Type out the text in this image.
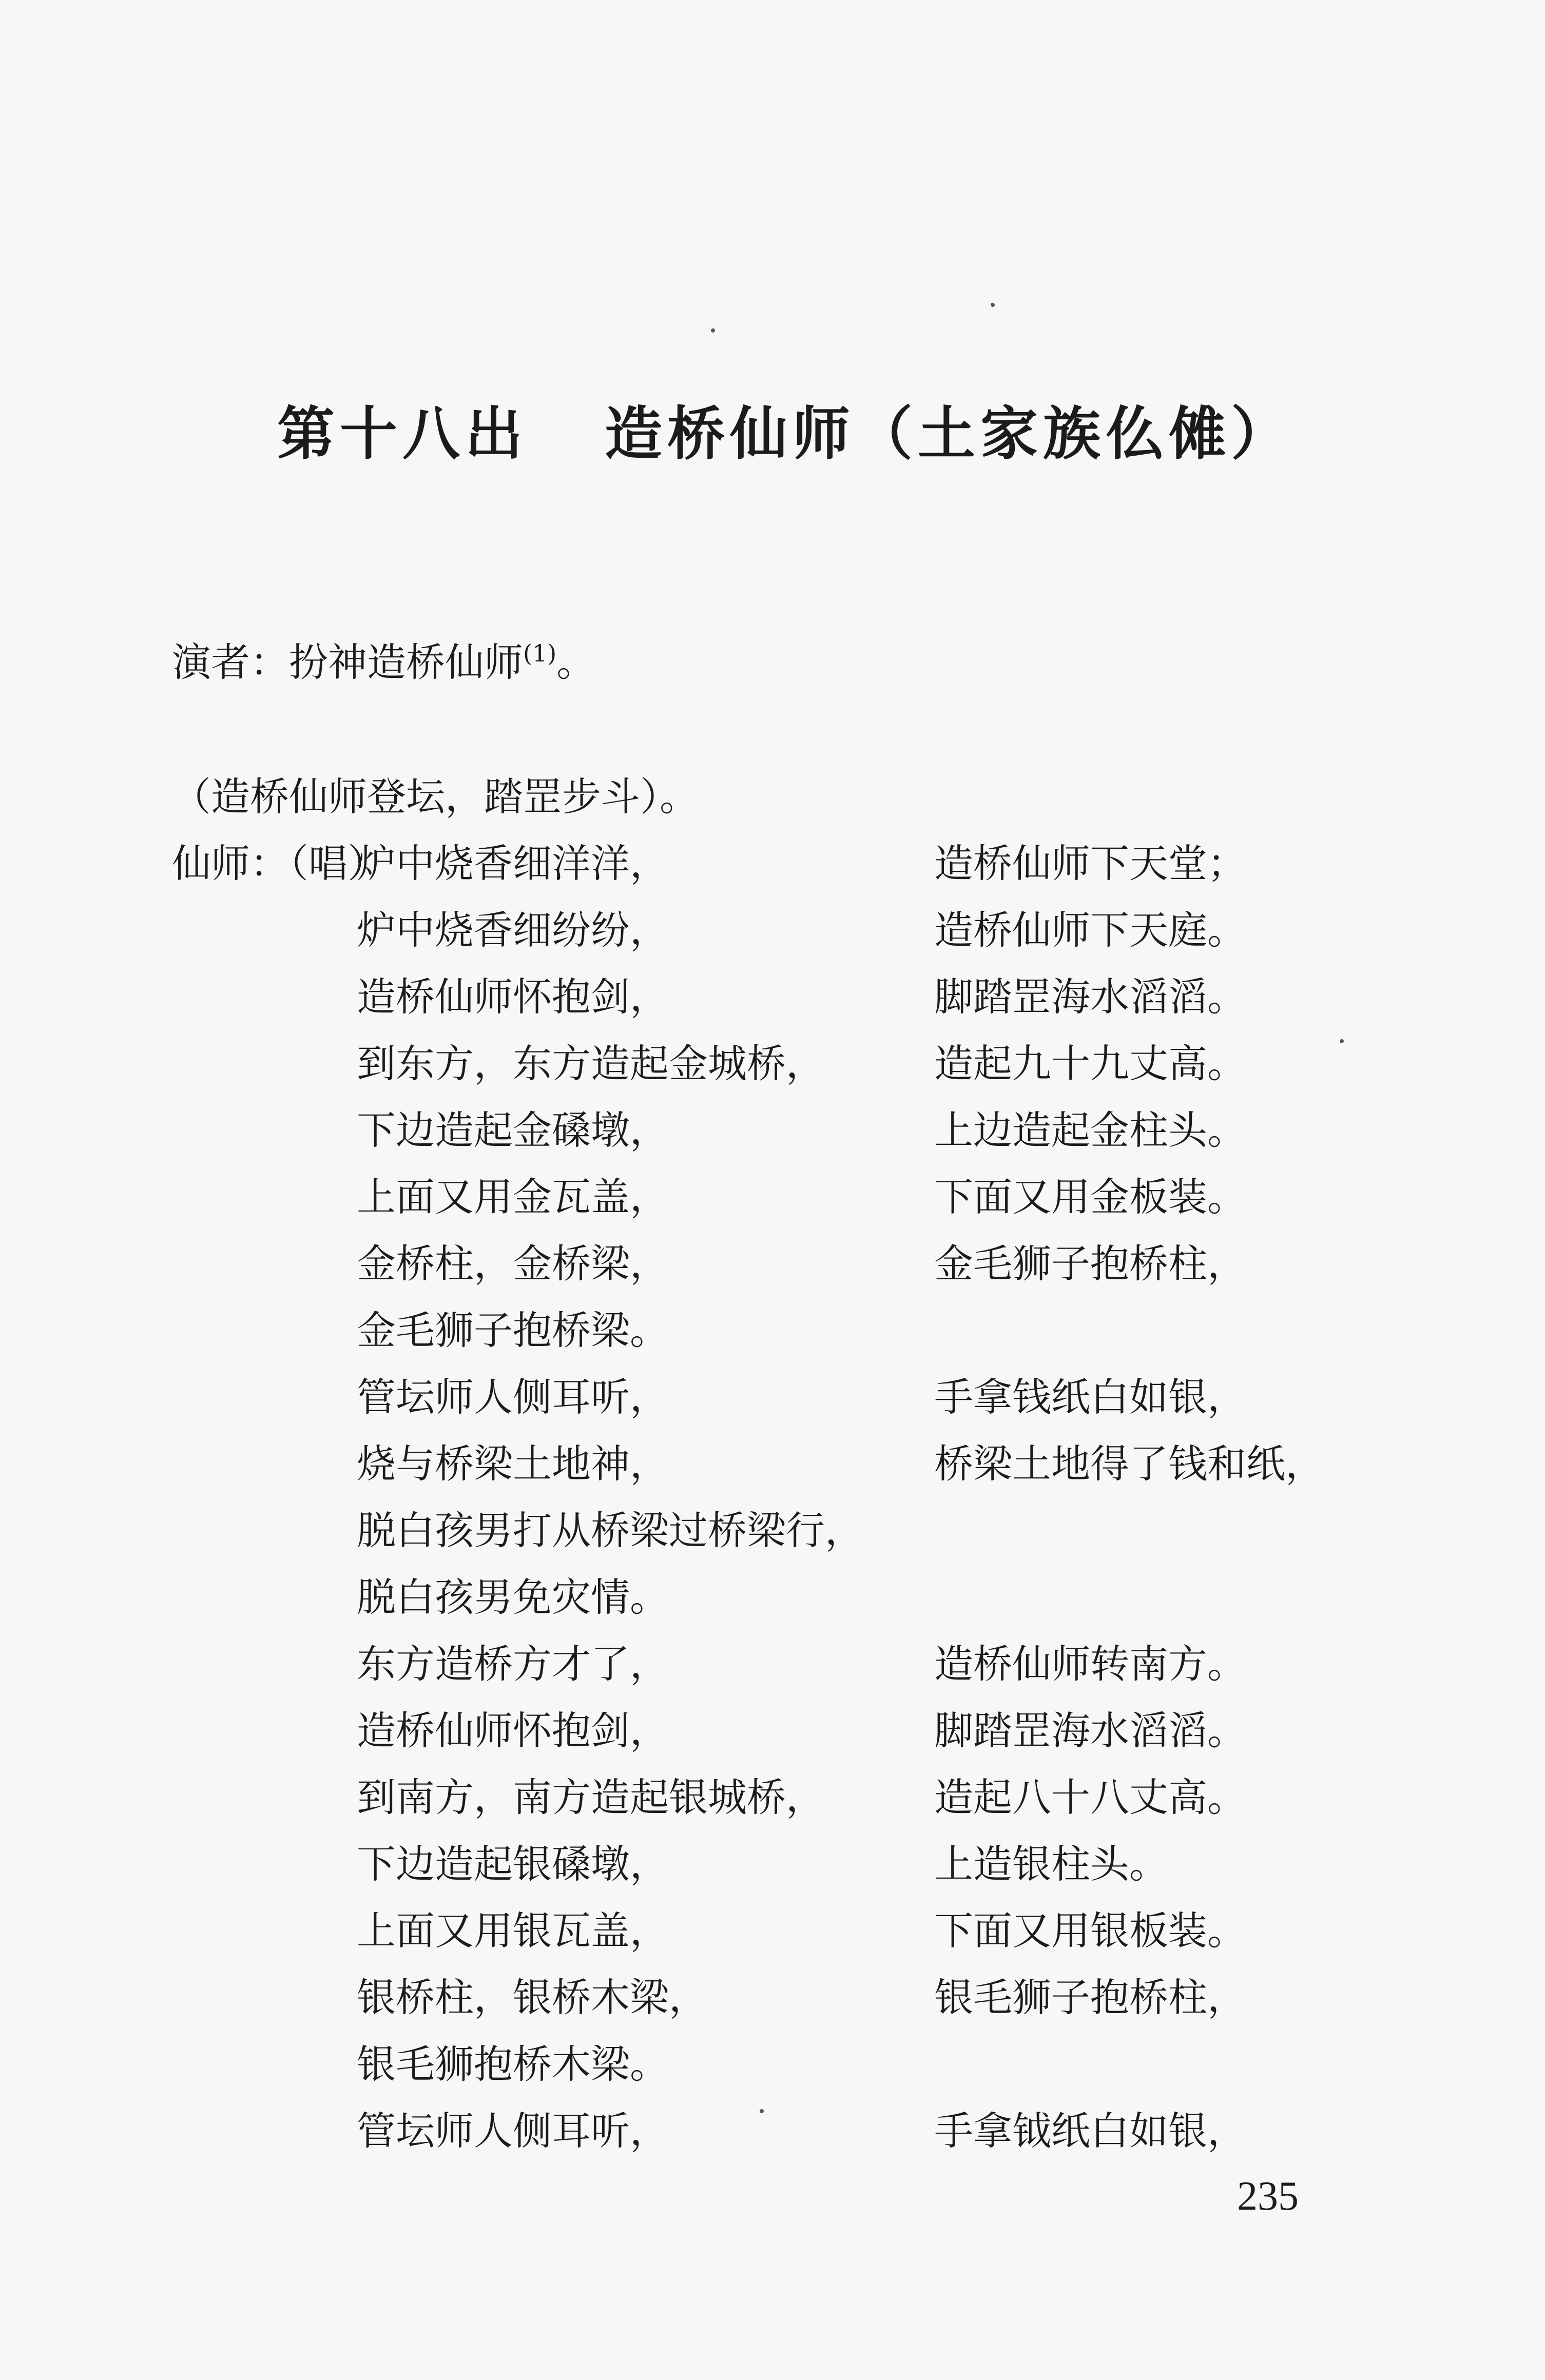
第十八出 造桥仙师（土家族仫傩）
演者：扮神造桥仙师$^{(1)}$。
（造桥仙师登坛，踏罡步斗）。
仙师：（唱）
炉中烧香细洋洋，	造桥仙师下天堂；
炉中烧香细纷纷，	造桥仙师下天庭。
造桥仙师怀抱剑，	脚踏罡海水滔滔。
到东方，东方造起金城桥，	造起九十九丈高。
下边造起金磉墩，	上边造起金柱头。
上面又用金瓦盖，	下面又用金板装。
金桥柱，金桥梁，	金毛狮子抱桥柱，
金毛狮子抱桥梁。
管坛师人侧耳听，	手拿钱纸白如银，
烧与桥梁土地神，	桥梁土地得了钱和纸，
脱白孩男打从桥梁过桥梁行，
脱白孩男免灾情。
东方造桥方才了，	造桥仙师转南方。
造桥仙师怀抱剑，	脚踏罡海水滔滔。
到南方，南方造起银城桥，	造起八十八丈高。
下边造起银磉墩，	上造银柱头。
上面又用银瓦盖，	下面又用银板装。
银桥柱，银桥木梁，	银毛狮子抱桥柱，
银毛狮抱桥木梁。
管坛师人侧耳听，	手拿钺纸白如银，
235
